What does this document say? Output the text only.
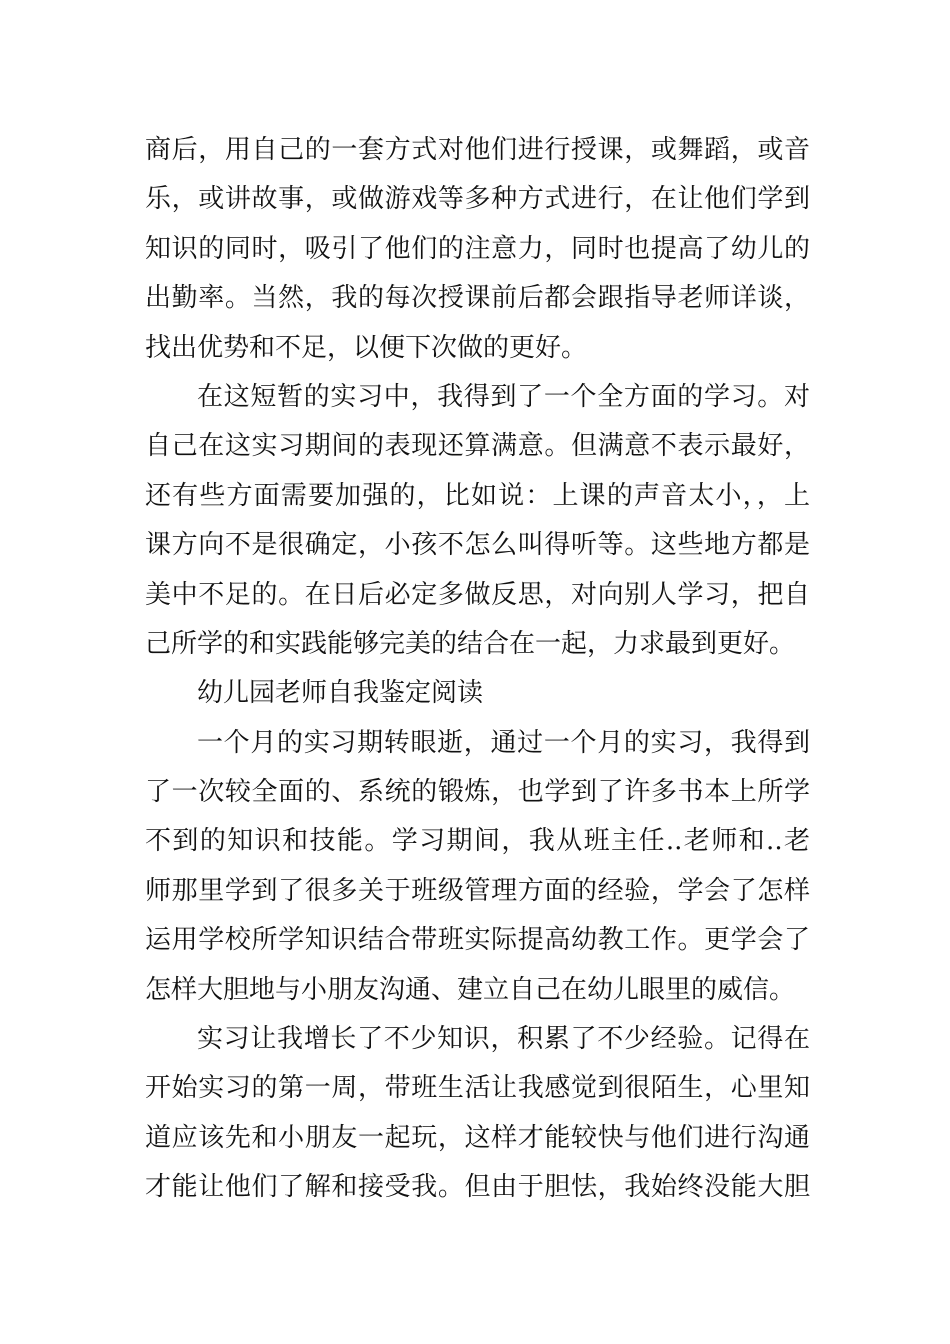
商后，用自己的一套方式对他们进行授课，或舞蹈，或音
乐，或讲故事，或做游戏等多种方式进行，在让他们学到
知识的同时，吸引了他们的注意力，同时也提高了幼儿的
出勤率。当然，我的每次授课前后都会跟指导老师详谈，
找出优势和不足，以便下次做的更好。
在这短暂的实习中，我得到了一个全方面的学习。对
自己在这实习期间的表现还算满意。但满意不表示最好，
还有些方面需要加强的，比如说：上课的声音太小，，上
课方向不是很确定，小孩不怎么叫得听等。这些地方都是
美中不足的。在日后必定多做反思，对向别人学习，把自
己所学的和实践能够完美的结合在一起，力求最到更好。
幼儿园老师自我鉴定阅读
一个月的实习期转眼逝，通过一个月的实习，我得到
了一次较全面的、系统的锻炼，也学到了许多书本上所学
不到的知识和技能。学习期间，我从班主任..老师和..老
师那里学到了很多关于班级管理方面的经验，学会了怎样
运用学校所学知识结合带班实际提高幼教工作。更学会了
怎样大胆地与小朋友沟通、建立自己在幼儿眼里的威信。
实习让我增长了不少知识，积累了不少经验。记得在
开始实习的第一周，带班生活让我感觉到很陌生，心里知
道应该先和小朋友一起玩，这样才能较快与他们进行沟通
才能让他们了解和接受我。但由于胆怯，我始终没能大胆
